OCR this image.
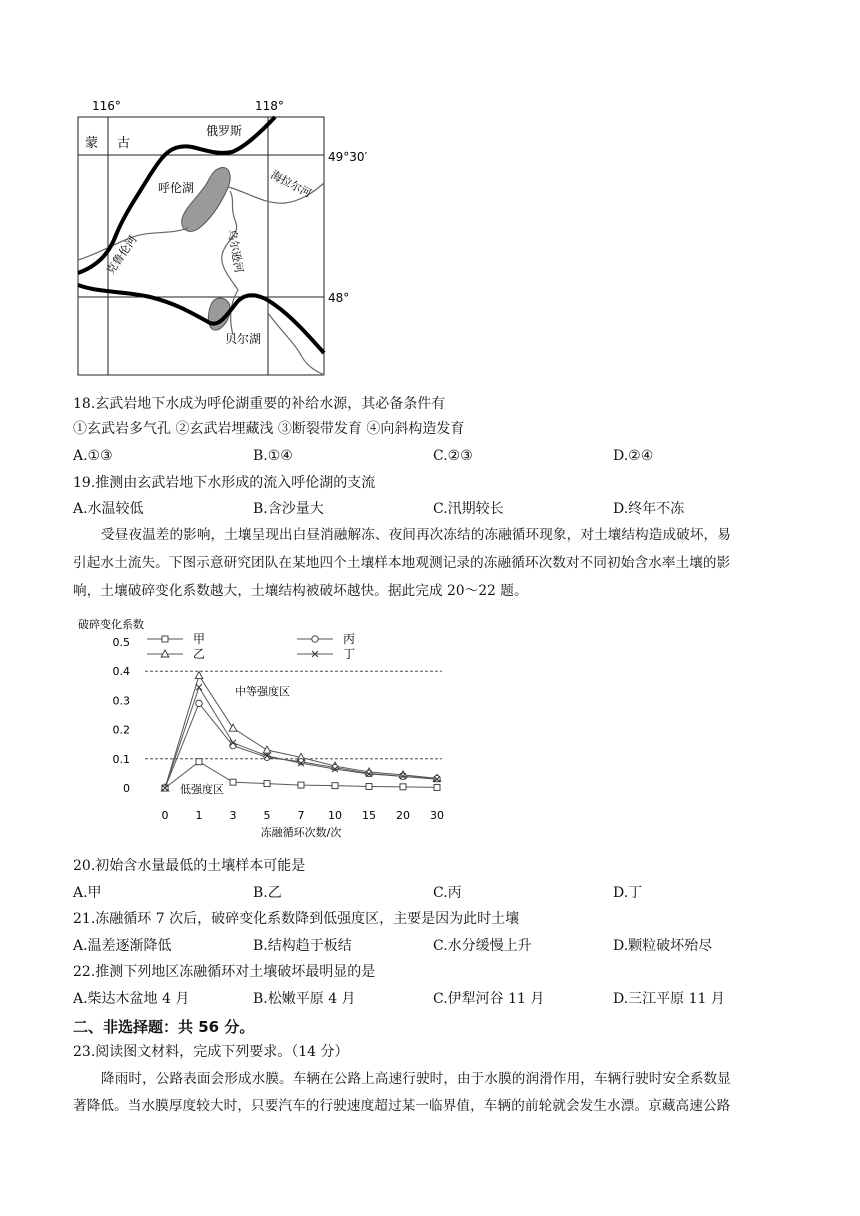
116°	118°
49°30′
48°
蒙 古
俄罗斯
呼伦湖
贝尔湖
海拉尔河
克鲁伦河	乌尔逊河
18.玄武岩地下水成为呼伦湖重要的补给水源，其必备条件有
①玄武岩多气孔 ②玄武岩埋藏浅 ③断裂带发育 ④向斜构造发育
A.①③	B.①④	C.②③	D.②④
19.推测由玄武岩地下水形成的流入呼伦湖的支流
A.水温较低	B.含沙量大	C.汛期较长	D.终年不冻
受昼夜温差的影响，土壤呈现出白昼消融解冻、夜间再次冻结的冻融循环现象，对土壤结构造成破坏，易
引起水土流失。下图示意研究团队在某地四个土壤样本地观测记录的冻融循环次数对不同初始含水率土壤的影
响，土壤破碎变化系数越大，土壤结构被破坏越快。据此完成 20～22 题。
破碎变化系数
0
0.1
0.2
0.3
0.4
0.5
中等强度区
低强度区
0 1 3 5 7 10 15 20 30
冻融循环次数/次
甲
乙
丙
丁
20.初始含水量最低的土壤样本可能是
A.甲	B.乙	C.丙	D.丁
21.冻融循环 7 次后，破碎变化系数降到低强度区，主要是因为此时土壤
A.温差逐渐降低	B.结构趋于板结	C.水分缓慢上升	D.颗粒破坏殆尽
22.推测下列地区冻融循环对土壤破坏最明显的是
A.柴达木盆地 4 月	B.松嫩平原 4 月	C.伊犁河谷 11 月	D.三江平原 11 月
二、非选择题：共 56 分。
23.阅读图文材料，完成下列要求。（14 分）
降雨时，公路表面会形成水膜。车辆在公路上高速行驶时，由于水膜的润滑作用，车辆行驶时安全系数显
著降低。当水膜厚度较大时，只要汽车的行驶速度超过某一临界值，车辆的前轮就会发生水漂。京藏高速公路
